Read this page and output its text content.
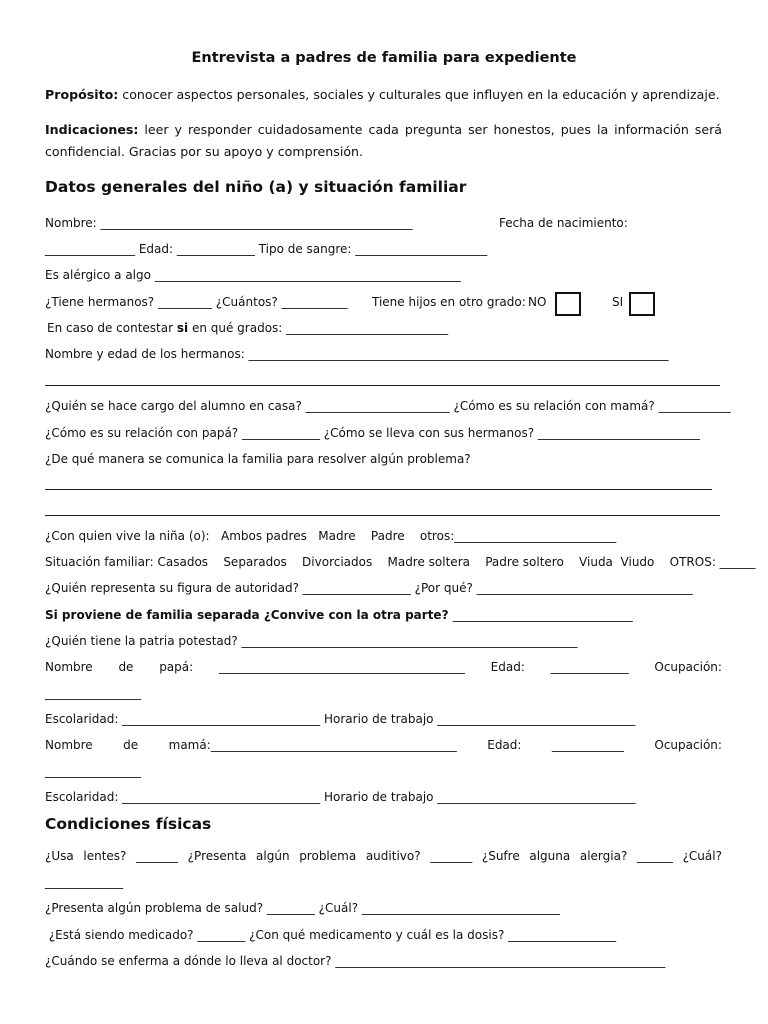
Entrevista a padres de familia para expediente
Propósito: conocer aspectos personales, sociales y culturales que influyen en la educación y aprendizaje.
Indicaciones: leer y responder cuidadosamente cada pregunta ser honestos, pues la información será confidencial. Gracias por su apoyo y comprensión.
Datos generales del niño (a) y situación familiar
Nombre: ____________________________________________________	Fecha de nacimiento:
_______________ Edad: _____________ Tipo de sangre: ______________________
Es alérgico a algo ___________________________________________________
¿Tiene hermanos? _________ ¿Cuántos? ___________ Tiene hijos en otro grado: NO	SI
En caso de contestar si en qué grados: ___________________________
Nombre y edad de los hermanos: ______________________________________________________________________
¿Quién se hace cargo del alumno en casa? ________________________ ¿Cómo es su relación con mamá? ____________
¿Cómo es su relación con papá? _____________ ¿Cómo se lleva con sus hermanos? ___________________________
¿De qué manera se comunica la familia para resolver algún problema?
¿Con quien vive la niña (o):   Ambos padres   Madre    Padre    otros:___________________________
Situación familiar: Casados    Separados    Divorciados    Madre soltera    Padre soltero    Viuda  Viudo    OTROS: ______
¿Quién representa su figura de autoridad? __________________ ¿Por qué? ____________________________________
Si proviene de familia separada ¿Convive con la otra parte? ______________________________
¿Quién tiene la patria potestad? ________________________________________________________
Nombre de papá: _________________________________________ Edad: _____________ Ocupación:
________________
Escolaridad: _________________________________ Horario de trabajo _________________________________
Nombre	de	mamá:_________________________________________	Edad:	____________	Ocupación:
________________
Escolaridad: _________________________________ Horario de trabajo _________________________________
Condiciones físicas
¿Usa lentes? _______ ¿Presenta algún problema auditivo? _______ ¿Sufre alguna alergia? ______ ¿Cuál?
_____________
¿Presenta algún problema de salud? ________ ¿Cuál? _________________________________
¿Está siendo medicado? ________ ¿Con qué medicamento y cuál es la dosis? __________________
¿Cuándo se enferma a dónde lo lleva al doctor? _______________________________________________________
